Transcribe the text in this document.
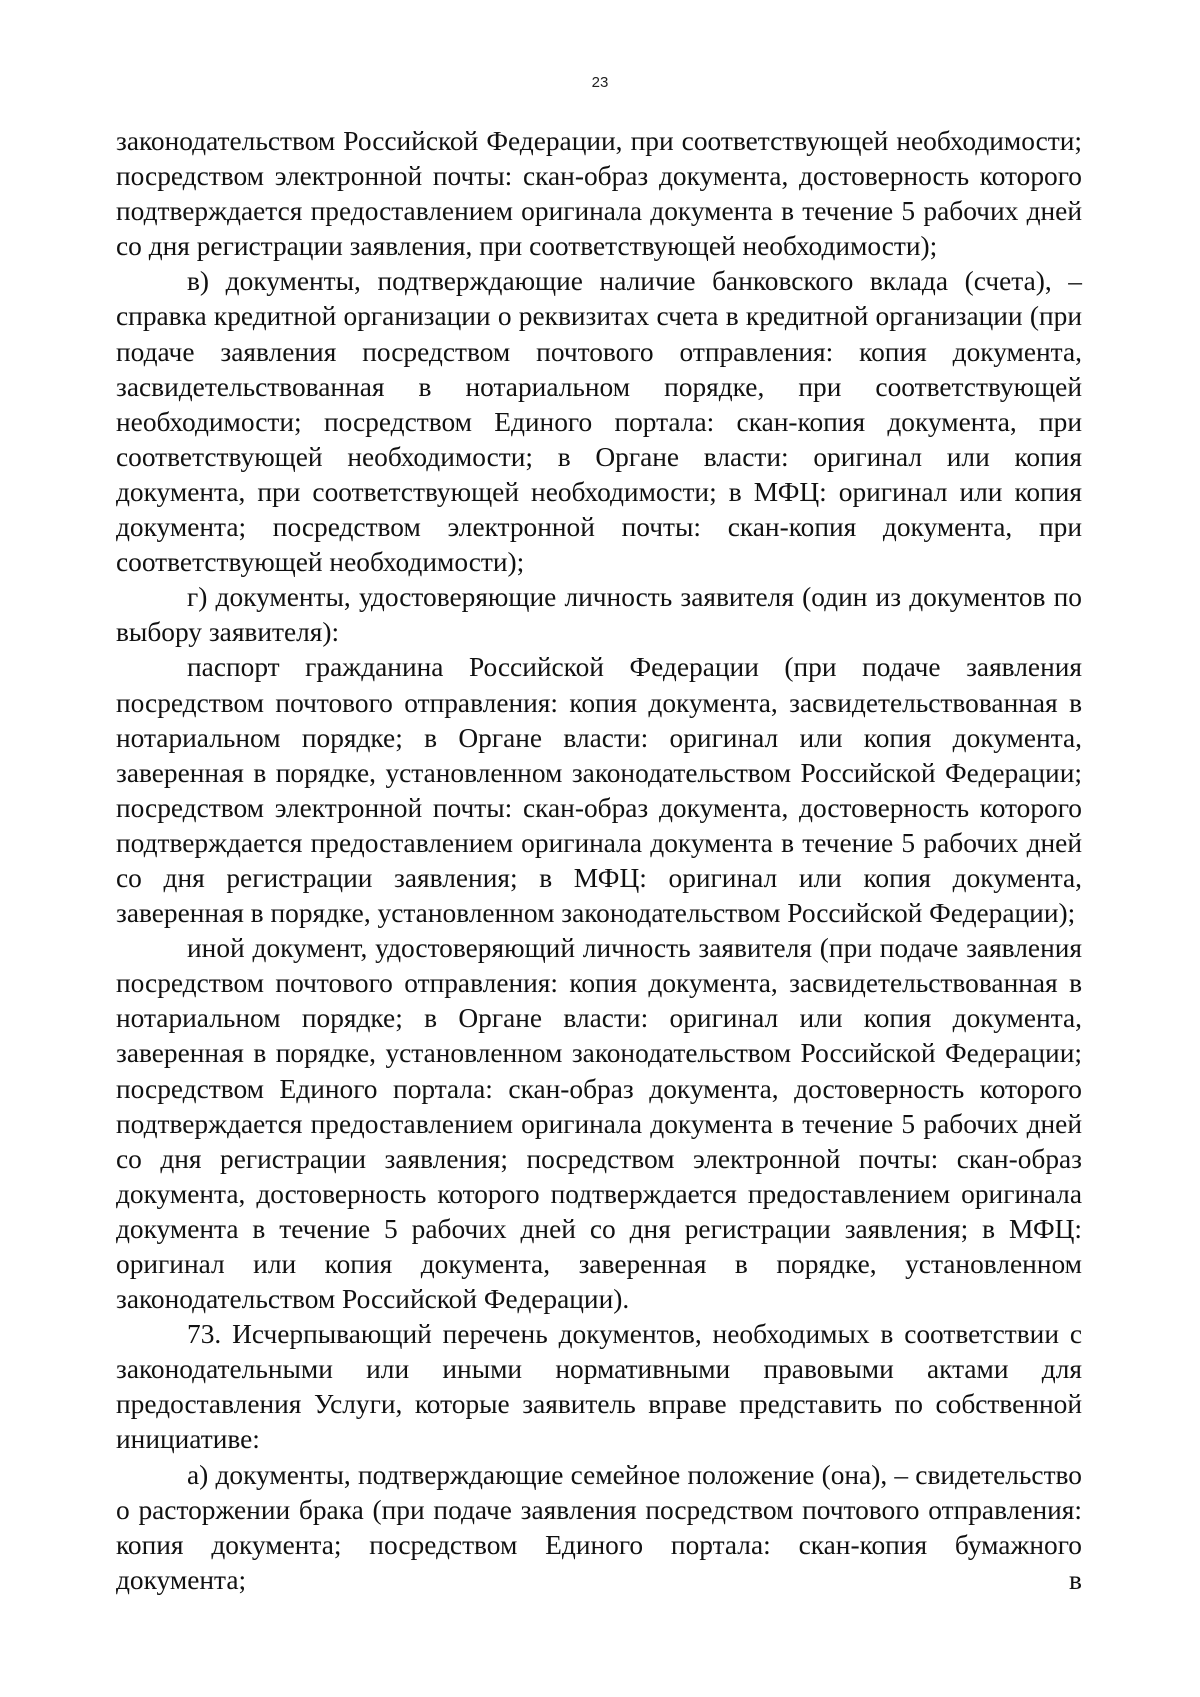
23

законодательством Российской Федерации, при соответствующей необходимости; посредством электронной почты: скан-образ документа, достоверность которого подтверждается предоставлением оригинала документа в течение 5 рабочих дней со дня регистрации заявления, при соответствующей необходимости);

в) документы, подтверждающие наличие банковского вклада (счета), – справка кредитной организации о реквизитах счета в кредитной организации (при подаче заявления посредством почтового отправления: копия документа, засвидетельствованная в нотариальном порядке, при соответствующей необходимости; посредством Единого портала: скан-копия документа, при соответствующей необходимости; в Органе власти: оригинал или копия документа, при соответствующей необходимости; в МФЦ: оригинал или копия документа; посредством электронной почты: скан-копия документа, при соответствующей необходимости);

г) документы, удостоверяющие личность заявителя (один из документов по выбору заявителя):

паспорт гражданина Российской Федерации (при подаче заявления посредством почтового отправления: копия документа, засвидетельствованная в нотариальном порядке; в Органе власти: оригинал или копия документа, заверенная в порядке, установленном законодательством Российской Федерации; посредством электронной почты: скан-образ документа, достоверность которого подтверждается предоставлением оригинала документа в течение 5 рабочих дней со дня регистрации заявления; в МФЦ: оригинал или копия документа, заверенная в порядке, установленном законодательством Российской Федерации);

иной документ, удостоверяющий личность заявителя (при подаче заявления посредством почтового отправления: копия документа, засвидетельствованная в нотариальном порядке; в Органе власти: оригинал или копия документа, заверенная в порядке, установленном законодательством Российской Федерации; посредством Единого портала: скан-образ документа, достоверность которого подтверждается предоставлением оригинала документа в течение 5 рабочих дней со дня регистрации заявления; посредством электронной почты: скан-образ документа, достоверность которого подтверждается предоставлением оригинала документа в течение 5 рабочих дней со дня регистрации заявления; в МФЦ: оригинал или копия документа, заверенная в порядке, установленном законодательством Российской Федерации).

73. Исчерпывающий перечень документов, необходимых в соответствии с законодательными или иными нормативными правовыми актами для предоставления Услуги, которые заявитель вправе представить по собственной инициативе:

а) документы, подтверждающие семейное положение (она), – свидетельство о расторжении брака (при подаче заявления посредством почтового отправления: копия документа; посредством Единого портала: скан-копия бумажного документа; в
